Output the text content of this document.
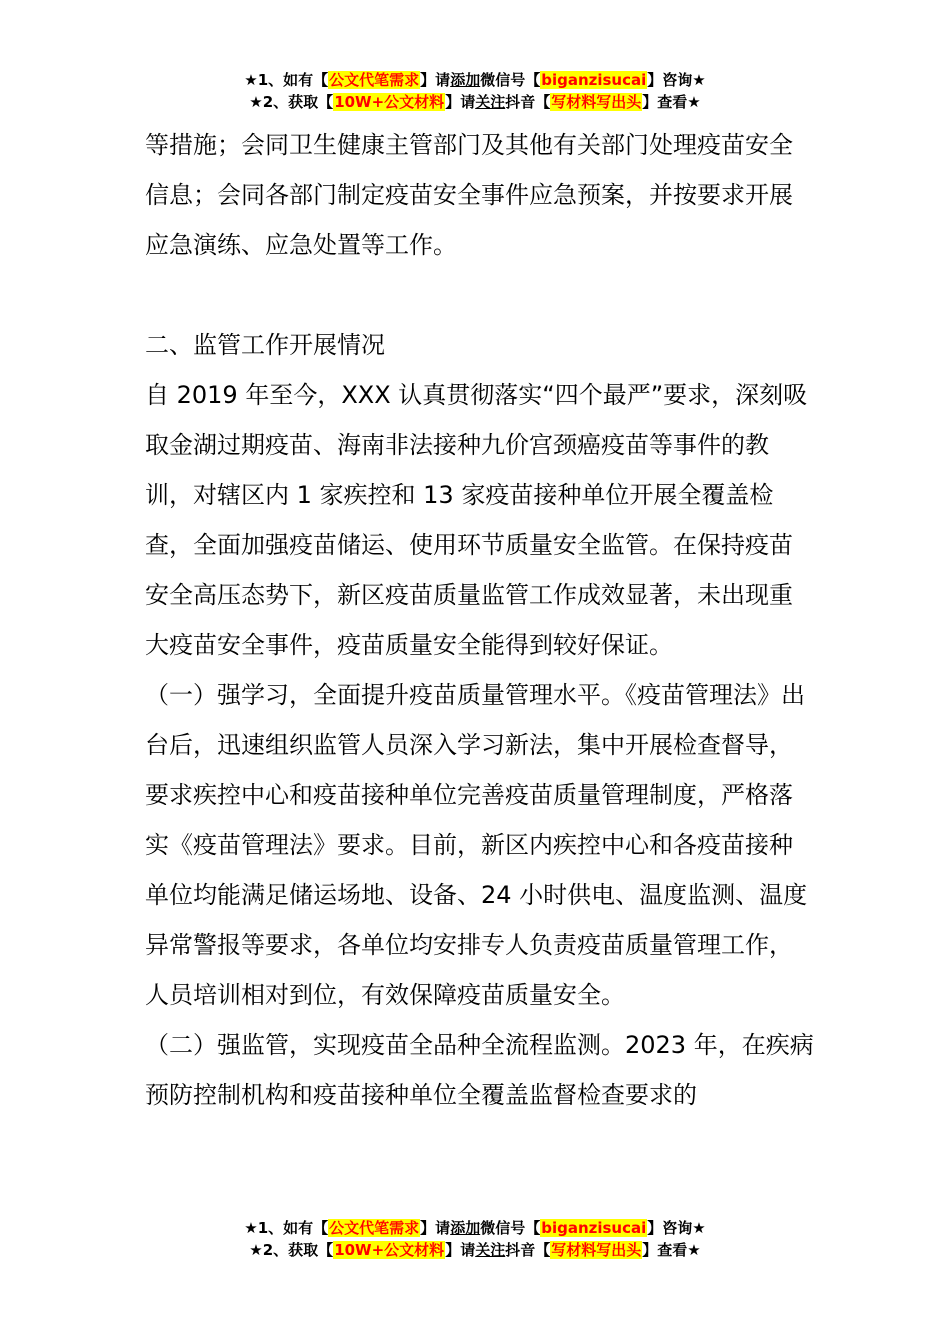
★1、如有【公文代笔需求】请添加微信号【biganzisucai】咨询★
★2、获取【10W+公文材料】请关注抖音【写材料写出头】查看★

等措施；会同卫生健康主管部门及其他有关部门处理疫苗安全信息；会同各部门制定疫苗安全事件应急预案，并按要求开展应急演练、应急处置等工作。

二、监管工作开展情况

自 2019 年至今，XXX 认真贯彻落实“四个最严”要求，深刻吸取金湖过期疫苗、海南非法接种九价宫颈癌疫苗等事件的教训，对辖区内 1 家疾控和 13 家疫苗接种单位开展全覆盖检查，全面加强疫苗储运、使用环节质量安全监管。在保持疫苗安全高压态势下，新区疫苗质量监管工作成效显著，未出现重大疫苗安全事件，疫苗质量安全能得到较好保证。

（一）强学习，全面提升疫苗质量管理水平。《疫苗管理法》出台后，迅速组织监管人员深入学习新法，集中开展检查督导，要求疾控中心和疫苗接种单位完善疫苗质量管理制度，严格落实《疫苗管理法》要求。目前，新区内疾控中心和各疫苗接种单位均能满足储运场地、设备、24 小时供电、温度监测、温度异常警报等要求，各单位均安排专人负责疫苗质量管理工作，人员培训相对到位，有效保障疫苗质量安全。

（二）强监管，实现疫苗全品种全流程监测。2023 年，在疾病预防控制机构和疫苗接种单位全覆盖监督检查要求的

★1、如有【公文代笔需求】请添加微信号【biganzisucai】咨询★
★2、获取【10W+公文材料】请关注抖音【写材料写出头】查看★
